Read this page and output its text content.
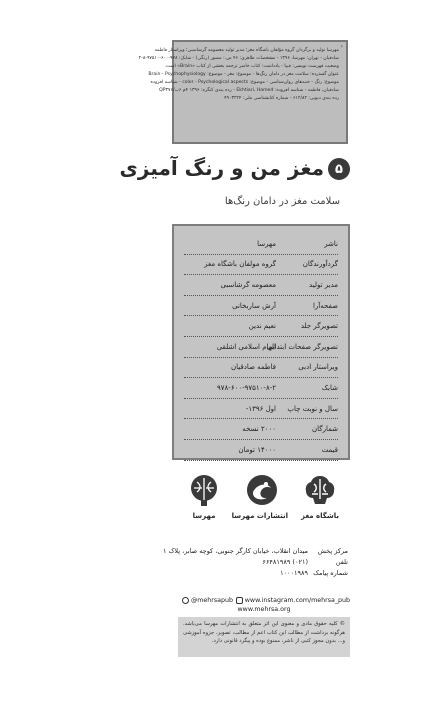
‹
مهرسا تولید و برگردان گروه مؤلفان باشگاه مغز؛ مدیر تولید معصومه گرشاسبی؛ ویراستار فاطمه
صادقیان - تهران: مهرسا، ۱۳۹۶ - مشخصات ظاهری: ۴۶ ص.: مصور (رنگی) - شابک: ۹۷۸-۶۰۰-۹۷۵۱۰-۸-۲
وضعیت فهرست نویسی: فیپا - یادداشت: کتاب حاضر ترجمه بخشی از کتاب «Brain» است.
عنوان گسترده: سلامت مغز در دامان رنگ‌ها - موضوع: مغز - موضوع: Brain - Psychophysiology
موضوع: رنگ - جنبه‌های روان‌شناسی - موضوع: color - Psychological aspects - شناسه افزوده
صادقیان، فاطمه - شناسه افزوده: Ekhtiari، Hamed - رده بندی کنگره: ۱۳۹۶ ۴م ۶ب/QP۳۷۶
رده بندی دیویی: ۶۱۲/۸۲ - شماره کتابشناسی ملی: ۴۹۰۳۲۲۴
مغز من و رنگ آمیزی ۵
سلامت مغز در دامان رنگ‌ها
ناشر
مهرسا
گردآورندگان
گروه مولفان باشگاه مغز
مدیر تولید
معصومه گرشاسبی
صفحه‌آرا
آرش ساربخانی
تصویرگر جلد
نعیم ندین
تصویرگر صفحات ابتدایی
الهام اسلامی اشلقی
ویراستار ادبی
فاطمه صادقیان
شابک
۹۷۸-۶۰۰-۹۷۵۱۰-۸-۲
سال و نوبت چاپ
اول ۱۳۹۶-
شمارگان
۲۰۰۰ نسخه
قیمت
۱۴۰۰۰ تومان
باشگاه مغز
انتشارات مهرسا
مهرسا
مرکز پخش
میدان انقلاب، خیابان کارگر جنوبی، کوچه صابر، پلاک ۱
تلفن
(۰۲۱) ۶۶۴۸۱۹۸۹
شماره پیامک
۱۰۰۰۱۹۸۹
@mehrsapub www.instagram.com/mehrsa_pub
www.mehrsa.org
© کلیه حقوق مادی و معنوی این اثر متعلق به انتشارات مهرسا می‌باشد. هرگونه برداشت از مطالب این کتاب اعم از مطالب، تصویر، جزوه آموزشی و... بدون مجوز کتبی از ناشر، ممنوع بوده و پیگرد قانونی دارد.
